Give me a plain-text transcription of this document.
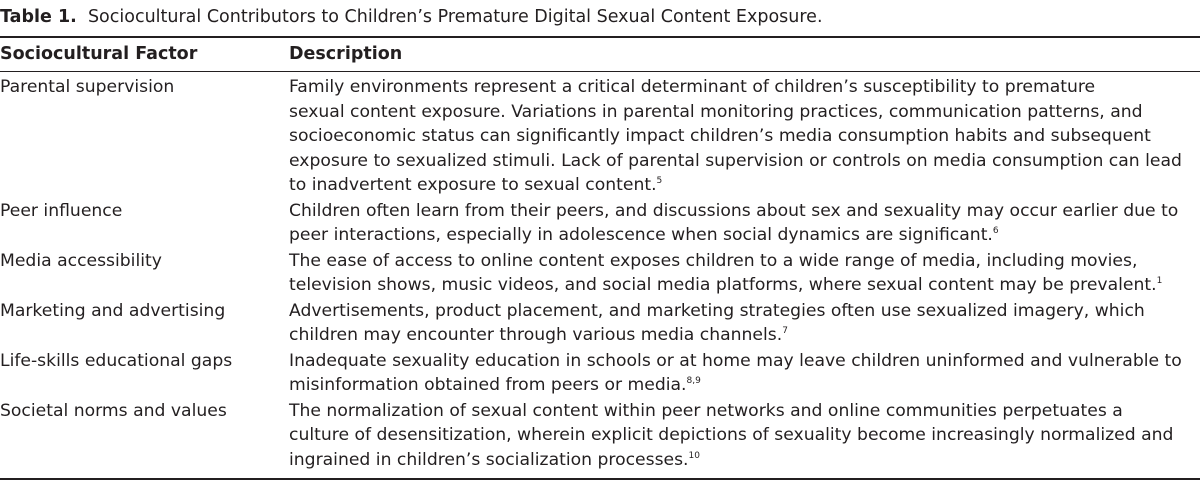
Table 1. Sociocultural Contributors to Children’s Premature Digital Sexual Content Exposure.
Sociocultural Factor	Description
Parental supervision	Family environments represent a critical determinant of children’s susceptibility to premature
sexual content exposure. Variations in parental monitoring practices, communication patterns, and
socioeconomic status can significantly impact children’s media consumption habits and subsequent
exposure to sexualized stimuli. Lack of parental supervision or controls on media consumption can lead
to inadvertent exposure to sexual content.$^5$
Peer influence	Children often learn from their peers, and discussions about sex and sexuality may occur earlier due to
peer interactions, especially in adolescence when social dynamics are significant.$^6$
Media accessibility	The ease of access to online content exposes children to a wide range of media, including movies,
television shows, music videos, and social media platforms, where sexual content may be prevalent.$^1$
Marketing and advertising	Advertisements, product placement, and marketing strategies often use sexualized imagery, which
children may encounter through various media channels.$^7$
Life-skills educational gaps	Inadequate sexuality education in schools or at home may leave children uninformed and vulnerable to
misinformation obtained from peers or media.$^{8,9}$
Societal norms and values	The normalization of sexual content within peer networks and online communities perpetuates a
culture of desensitization, wherein explicit depictions of sexuality become increasingly normalized and
ingrained in children’s socialization processes.$^{10}$
